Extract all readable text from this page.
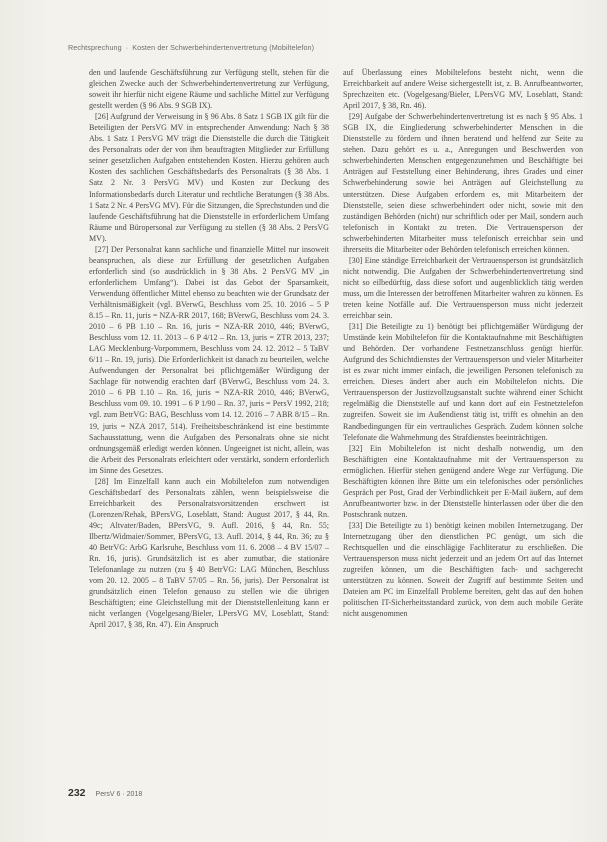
Rechtsprechung · Kosten der Schwerbehindertenvertretung (Mobiltelefon)

den und laufende Geschäftsführung zur Verfügung stellt, stehen für die gleichen Zwecke auch der Schwerbehindertenvertretung zur Verfügung, soweit ihr hierfür nicht eigene Räume und sachliche Mittel zur Verfügung gestellt werden (§ 96 Abs. 9 SGB IX).

[26] Aufgrund der Verweisung in § 96 Abs. 8 Satz 1 SGB IX gilt für die Beteiligten der PersVG MV in entsprechender Anwendung: Nach § 38 Abs. 1 Satz 1 PersVG MV trägt die Dienststelle die durch die Tätigkeit des Personalrats oder der von ihm beauftragten Mitglieder zur Erfüllung seiner gesetzlichen Aufgaben entstehenden Kosten. Hierzu gehören auch Kosten des sachlichen Geschäftsbedarfs des Personalrats (§ 38 Abs. 1 Satz 2 Nr. 3 PersVG MV) und Kosten zur Deckung des Informationsbedarfs durch Literatur und rechtliche Beratungen (§ 38 Abs. 1 Satz 2 Nr. 4 PersVG MV). Für die Sitzungen, die Sprechstunden und die laufende Geschäftsführung hat die Dienststelle in erforderlichem Umfang Räume und Büropersonal zur Verfügung zu stellen (§ 38 Abs. 2 PersVG MV).

[27] Der Personalrat kann sachliche und finanzielle Mittel nur insoweit beanspruchen, als diese zur Erfüllung der gesetzlichen Aufgaben erforderlich sind (so ausdrücklich in § 38 Abs. 2 PersVG MV „in erforderlichem Umfang“). Dabei ist das Gebot der Sparsamkeit, Verwendung öffentlicher Mittel ebenso zu beachten wie der Grundsatz der Verhältnismäßigkeit (vgl. BVerwG, Beschluss vom 25. 10. 2016 – 5 P 8.15 – Rn. 11, juris = NZA-RR 2017, 168; BVerwG, Beschluss vom 24. 3. 2010 – 6 PB 1.10 – Rn. 16, juris = NZA-RR 2010, 446; BVerwG, Beschluss vom 12. 11. 2013 – 6 P 4/12 – Rn. 13, juris = ZTR 2013, 237; LAG Mecklenburg-Vorpommern, Beschluss vom 24. 12. 2012 – 5 TaBV 6/11 – Rn. 19, juris). Die Erforderlichkeit ist danach zu beurteilen, welche Aufwendungen der Personalrat bei pflichtgemäßer Würdigung der Sachlage für notwendig erachten darf (BVerwG, Beschluss vom 24. 3. 2010 – 6 PB 1.10 – Rn. 16, juris = NZA-RR 2010, 446; BVerwG, Beschluss vom 09. 10. 1991 – 6 P 1/90 – Rn. 37, juris = PersV 1992, 218; vgl. zum BetrVG: BAG, Beschluss vom 14. 12. 2016 – 7 ABR 8/15 – Rn. 19, juris = NZA 2017, 514). Freiheitsbeschränkend ist eine bestimmte Sachausstattung, wenn die Aufgaben des Personalrats ohne sie nicht ordnungsgemäß erledigt werden können. Ungeeignet ist nicht, allein, was die Arbeit des Personalrats erleichtert oder verstärkt, sondern erforderlich im Sinne des Gesetzes.

[28] Im Einzelfall kann auch ein Mobiltelefon zum notwendigen Geschäftsbedarf des Personalrats zählen, wenn beispielsweise die Erreichbarkeit des Personalratsvorsitzenden erschwert ist (Lorenzen/Rehak, BPersVG, Loseblatt, Stand: August 2017, § 44, Rn. 49c; Altvater/Baden, BPersVG, 9. Aufl. 2016, § 44, Rn. 55; Ilbertz/Widmaier/Sommer, BPersVG, 13. Aufl. 2014, § 44, Rn. 36; zu § 40 BetrVG: ArbG Karlsruhe, Beschluss vom 11. 6. 2008 – 4 BV 15/07 – Rn. 16, juris). Grundsätzlich ist es aber zumutbar, die stationäre Telefonanlage zu nutzen (zu § 40 BetrVG: LAG München, Beschluss vom 20. 12. 2005 – 8 TaBV 57/05 – Rn. 56, juris). Der Personalrat ist grundsätzlich einen Telefon genauso zu stellen wie die übrigen Beschäftigten; eine Gleichstellung mit der Dienststellenleitung kann er nicht verlangen (Vogelgesang/Bieler, LPersVG MV, Loseblatt, Stand: April 2017, § 38, Rn. 47). Ein Anspruch

auf Überlassung eines Mobiltelefons besteht nicht, wenn die Erreichbarkeit auf andere Weise sichergestellt ist, z. B. Anrufbeantworter, Sprechzeiten etc. (Vogelgesang/Bieler, LPersVG MV, Loseblatt, Stand: April 2017, § 38, Rn. 46).

[29] Aufgabe der Schwerbehindertenvertretung ist es nach § 95 Abs. 1 SGB IX, die Eingliederung schwerbehinderter Menschen in die Dienststelle zu fördern und ihnen beratend und helfend zur Seite zu stehen. Dazu gehört es u. a., Anregungen und Beschwerden von schwerbehinderten Menschen entgegenzunehmen und Beschäftigte bei Anträgen auf Feststellung einer Behinderung, ihres Grades und einer Schwerbehinderung sowie bei Anträgen auf Gleichstellung zu unterstützen. Diese Aufgaben erfordern es, mit Mitarbeitern der Dienststelle, seien diese schwerbehindert oder nicht, sowie mit den zuständigen Behörden (nicht) nur schriftlich oder per Mail, sondern auch telefonisch in Kontakt zu treten. Die Vertrauensperson der schwerbehinderten Mitarbeiter muss telefonisch erreichbar sein und ihrerseits die Mitarbeiter oder Behörden telefonisch erreichen können.

[30] Eine ständige Erreichbarkeit der Vertrauensperson ist grundsätzlich nicht notwendig. Die Aufgaben der Schwerbehindertenvertretung sind nicht so eilbedürftig, dass diese sofort und augenblicklich tätig werden muss, um die Interessen der betroffenen Mitarbeiter wahren zu können. Es treten keine Notfälle auf. Die Vertrauensperson muss nicht jederzeit erreichbar sein.

[31] Die Beteiligte zu 1) benötigt bei pflichtgemäßer Würdigung der Umstände kein Mobiltelefon für die Kontaktaufnahme mit Beschäftigten und Behörden. Der vorhandene Festnetzanschluss genügt hierfür. Aufgrund des Schichtdienstes der Vertrauensperson und vieler Mitarbeiter ist es zwar nicht immer einfach, die jeweiligen Personen telefonisch zu erreichen. Dieses ändert aber auch ein Mobiltelefon nichts. Die Vertrauensperson der Justizvollzugsanstalt suchte während einer Schicht regelmäßig die Dienststelle auf und kann dort auf ein Festnetztelefon zugreifen. Soweit sie im Außendienst tätig ist, trifft es ohnehin an den Randbedingungen für ein vertrauliches Gespräch. Zudem können solche Telefonate die Wahrnehmung des Strafdienstes beeinträchtigen.

[32] Ein Mobiltelefon ist nicht deshalb notwendig, um den Beschäftigten eine Kontaktaufnahme mit der Vertrauensperson zu ermöglichen. Hierfür stehen genügend andere Wege zur Verfügung. Die Beschäftigten können ihre Bitte um ein telefonisches oder persönliches Gespräch per Post, Grad der Verbindlichkeit per E-Mail äußern, auf dem Anrufbeantworter bzw. in der Dienststelle hinterlassen oder über die den Postschrank nutzen.

[33] Die Beteiligte zu 1) benötigt keinen mobilen Internetzugang. Der Internetzugang über den dienstlichen PC genügt, um sich die Rechtsquellen und die einschlägige Fachliteratur zu erschließen. Die Vertrauensperson muss nicht jederzeit und an jedem Ort auf das Internet zugreifen können, um die Beschäftigten fach- und sachgerecht unterstützen zu können. Soweit der Zugriff auf bestimmte Seiten und Dateien am PC im Einzelfall Probleme bereiten, geht das auf den hohen politischen IT-Sicherheitsstandard zurück, von dem auch mobile Geräte nicht ausgenommen

232 PersV 6 · 2018
